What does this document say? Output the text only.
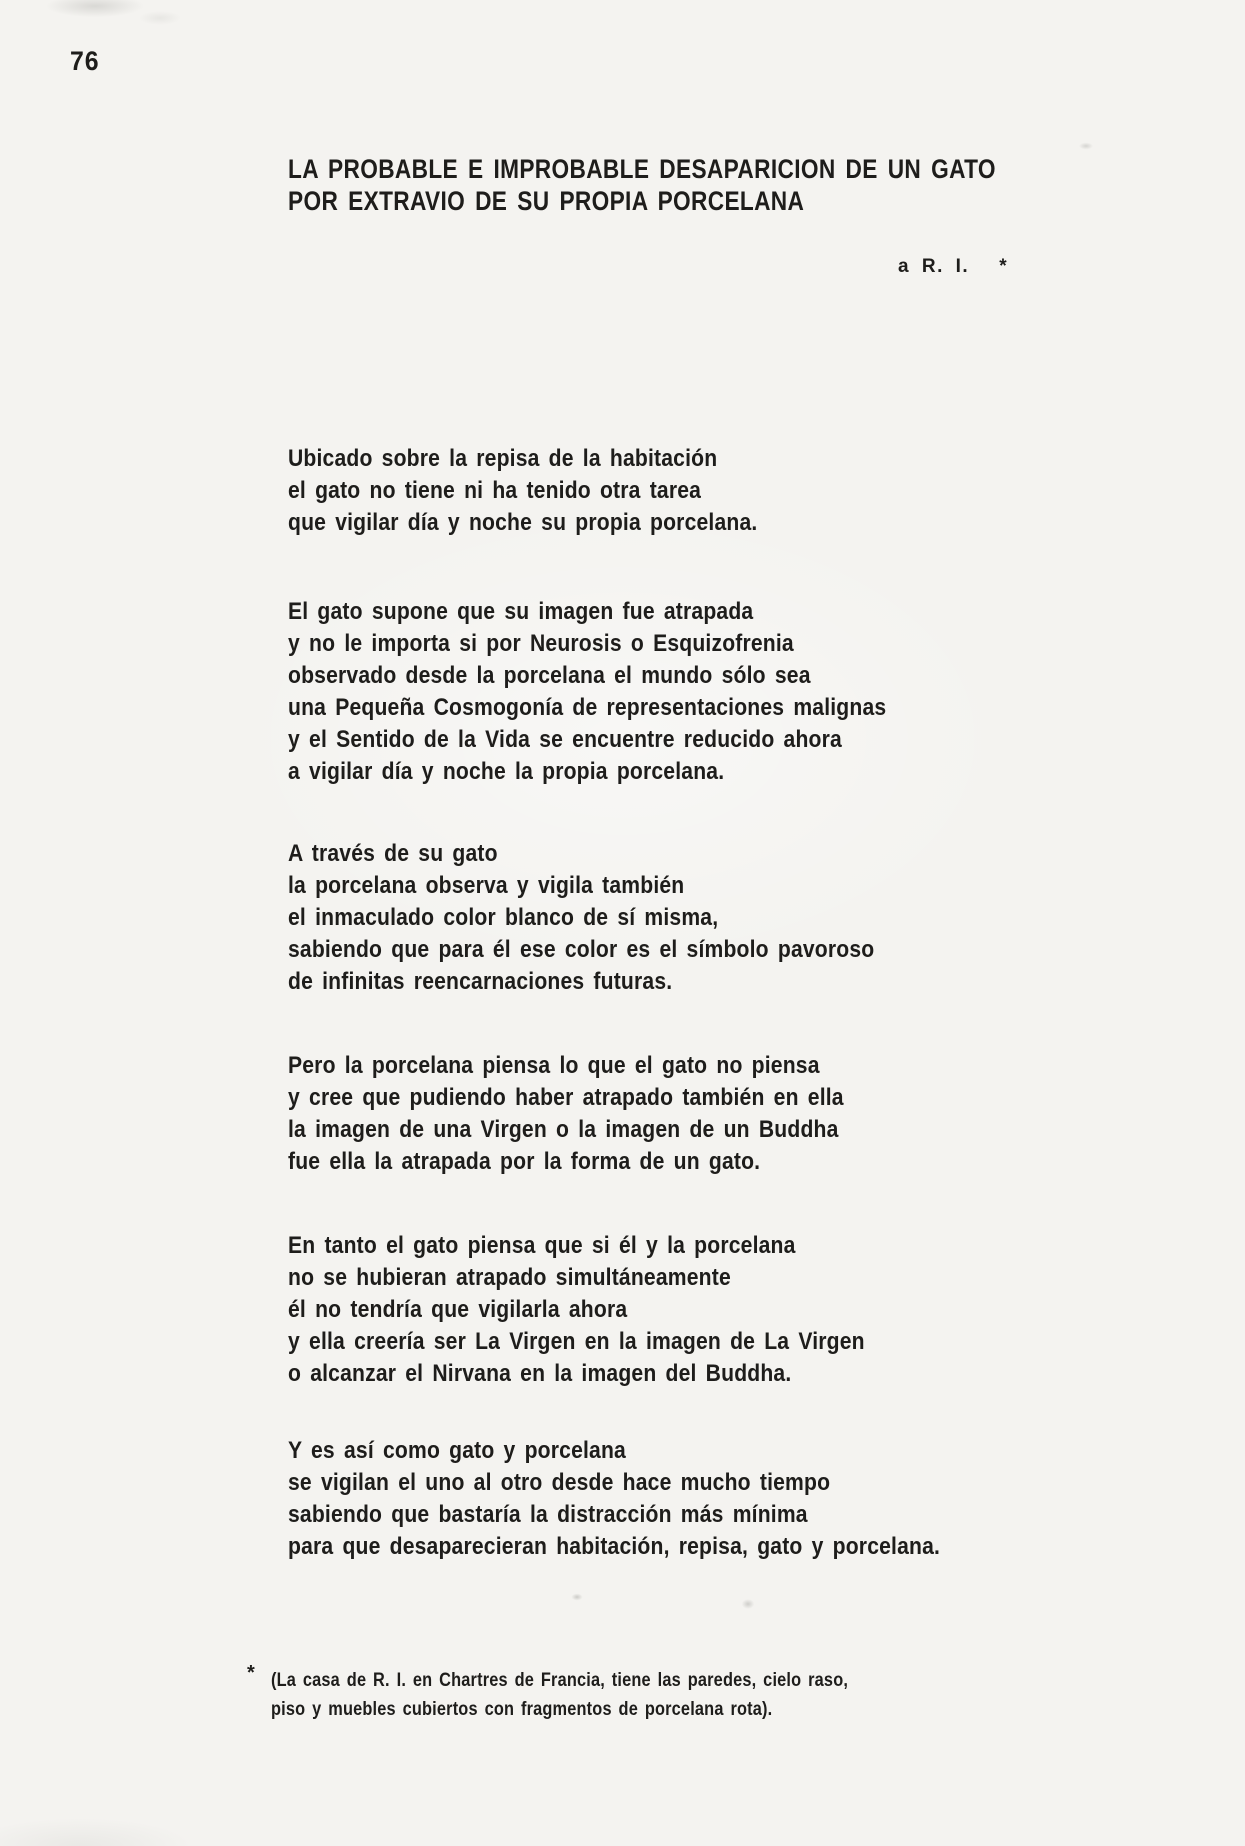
76
LA PROBABLE E IMPROBABLE DESAPARICION DE UN GATO
POR EXTRAVIO DE SU PROPIA PORCELANA
a R. I. *
Ubicado sobre la repisa de la habitación
el gato no tiene ni ha tenido otra tarea
que vigilar día y noche su propia porcelana.
El gato supone que su imagen fue atrapada
y no le importa si por Neurosis o Esquizofrenia
observado desde la porcelana el mundo sólo sea
una Pequeña Cosmogonía de representaciones malignas
y el Sentido de la Vida se encuentre reducido ahora
a vigilar día y noche la propia porcelana.
A través de su gato
la porcelana observa y vigila también
el inmaculado color blanco de sí misma,
sabiendo que para él ese color es el símbolo pavoroso
de infinitas reencarnaciones futuras.
Pero la porcelana piensa lo que el gato no piensa
y cree que pudiendo haber atrapado también en ella
la imagen de una Virgen o la imagen de un Buddha
fue ella la atrapada por la forma de un gato.
En tanto el gato piensa que si él y la porcelana
no se hubieran atrapado simultáneamente
él no tendría que vigilarla ahora
y ella creería ser La Virgen en la imagen de La Virgen
o alcanzar el Nirvana en la imagen del Buddha.
Y es así como gato y porcelana
se vigilan el uno al otro desde hace mucho tiempo
sabiendo que bastaría la distracción más mínima
para que desaparecieran habitación, repisa, gato y porcelana.
* (La casa de R. I. en Chartres de Francia, tiene las paredes, cielo raso,
piso y muebles cubiertos con fragmentos de porcelana rota).
